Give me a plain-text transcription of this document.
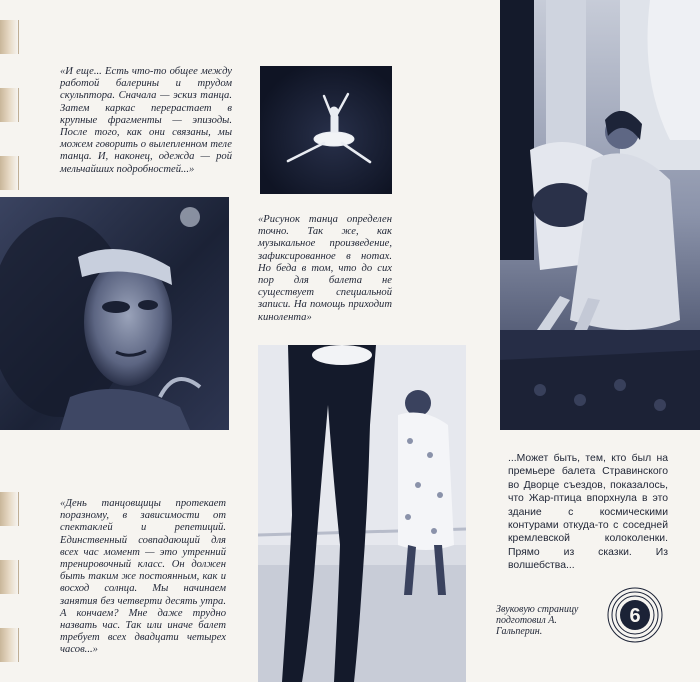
«И еще... Есть что-то общее между работой балерины и трудом скульптора. Сначала — эскиз танца. Затем каркас перерастает в крупные фрагменты — эпизоды. После того, как они связаны, мы можем говорить о вылепленном теле танца. И, наконец, одежда — рой мельчайших подробностей...»

«Рисунок танца определен точно. Так же, как музыкальное произведение, зафиксированное в нотах. Но беда в том, что до сих пор для балета не существует специальной записи. На помощь приходит кинолента»

«День танцовщицы протекает поразному, в зависимости от спектаклей и репетиций. Единственный совпадающий для всех час момент — это утренний тренировочный класс. Он должен быть таким же постоянным, как и восход солнца. Мы начинаем занятия без четверти десять утра. А кончаем? Мне даже трудно назвать час. Так или иначе балет требует всех двадцати четырех часов...»

...Может быть, тем, кто был на премьере балета Стравинского во Дворце съездов, показалось, что Жар-птица впорхнула в это здание с космическими контурами откуда-то с соседней кремлевской колоколенки. Прямо из сказки. Из волшебства...

Звуковую страницу подготовил А. Гальперин.

6
